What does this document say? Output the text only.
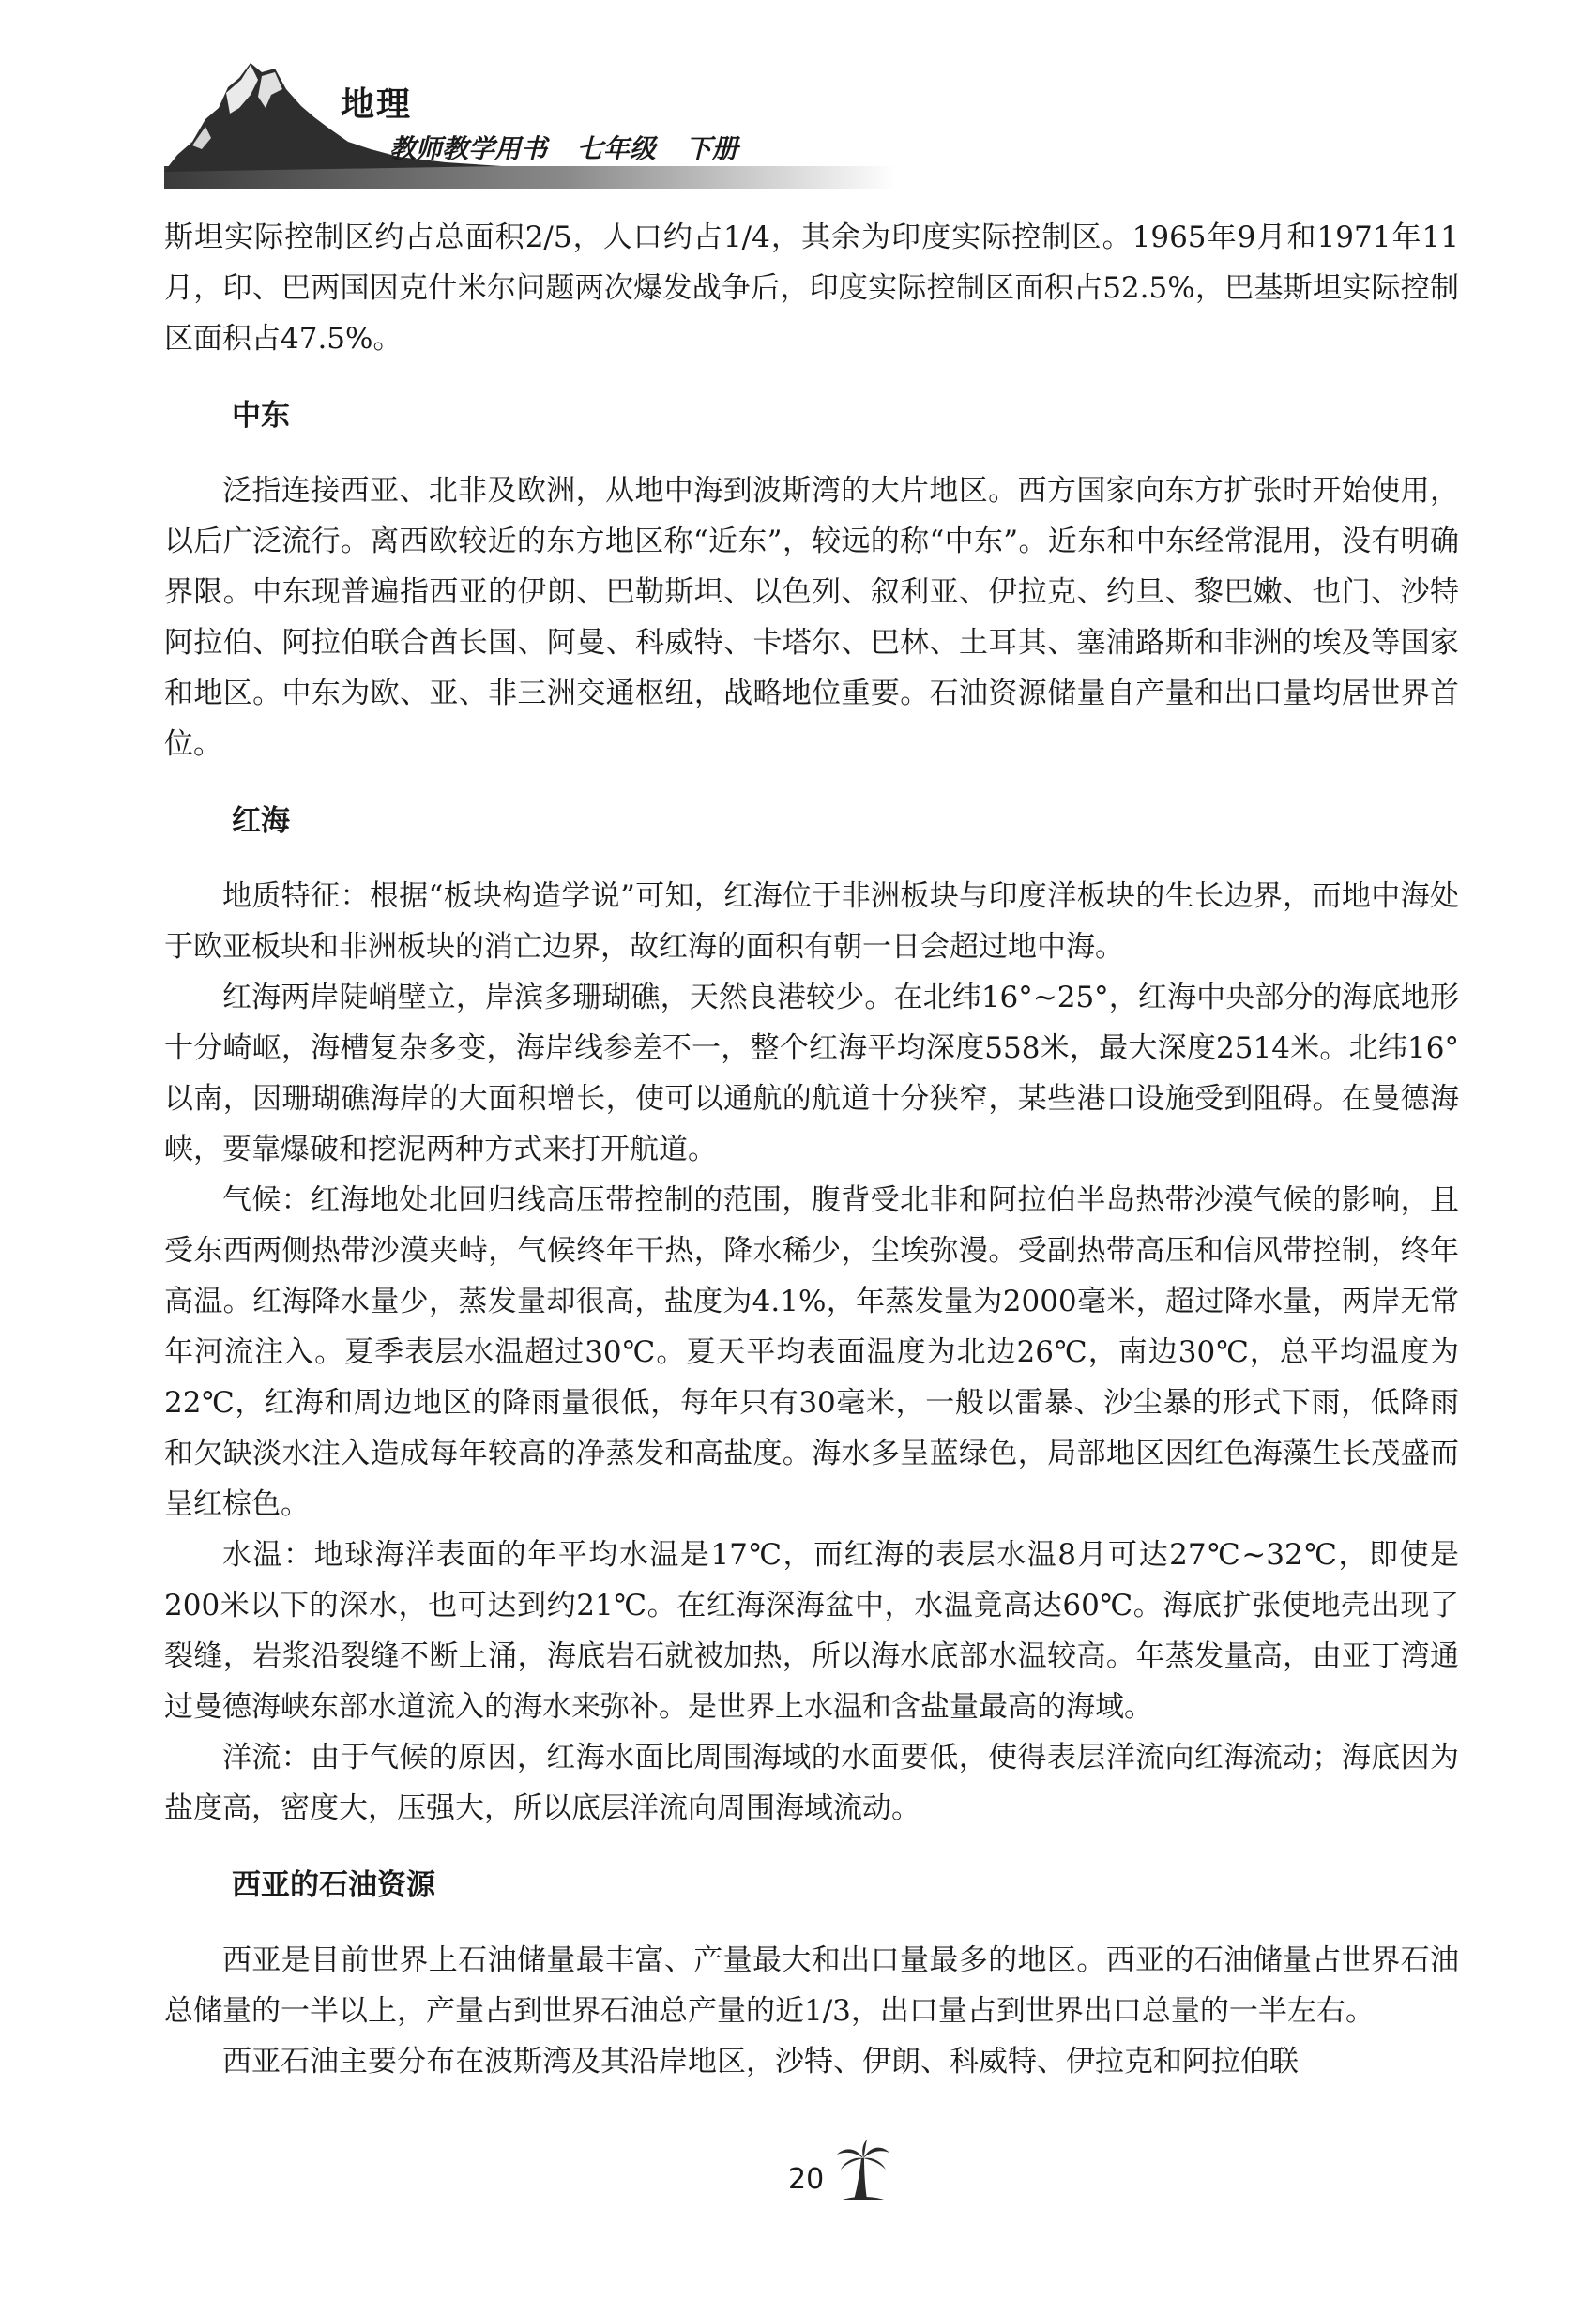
地理
教师教学用书 七年级 下册

斯坦实际控制区约占总面积2/5，人口约占1/4，其余为印度实际控制区。1965年9月和1971年11月，印、巴两国因克什米尔问题两次爆发战争后，印度实际控制区面积占52.5%，巴基斯坦实际控制区面积占47.5%。

中东

泛指连接西亚、北非及欧洲，从地中海到波斯湾的大片地区。西方国家向东方扩张时开始使用，以后广泛流行。离西欧较近的东方地区称“近东”，较远的称“中东”。近东和中东经常混用，没有明确界限。中东现普遍指西亚的伊朗、巴勒斯坦、以色列、叙利亚、伊拉克、约旦、黎巴嫩、也门、沙特阿拉伯、阿拉伯联合酋长国、阿曼、科威特、卡塔尔、巴林、土耳其、塞浦路斯和非洲的埃及等国家和地区。中东为欧、亚、非三洲交通枢纽，战略地位重要。石油资源储量自产量和出口量均居世界首位。

红海

地质特征：根据“板块构造学说”可知，红海位于非洲板块与印度洋板块的生长边界，而地中海处于欧亚板块和非洲板块的消亡边界，故红海的面积有朝一日会超过地中海。

红海两岸陡峭壁立，岸滨多珊瑚礁，天然良港较少。在北纬16°~25°，红海中央部分的海底地形十分崎岖，海槽复杂多变，海岸线参差不一，整个红海平均深度558米，最大深度2514米。北纬16°以南，因珊瑚礁海岸的大面积增长，使可以通航的航道十分狭窄，某些港口设施受到阻碍。在曼德海峡，要靠爆破和挖泥两种方式来打开航道。

气候：红海地处北回归线高压带控制的范围，腹背受北非和阿拉伯半岛热带沙漠气候的影响，且受东西两侧热带沙漠夹峙，气候终年干热，降水稀少，尘埃弥漫。受副热带高压和信风带控制，终年高温。红海降水量少，蒸发量却很高，盐度为4.1%，年蒸发量为2000毫米，超过降水量，两岸无常年河流注入。夏季表层水温超过30℃。夏天平均表面温度为北边26℃，南边30℃，总平均温度为22℃，红海和周边地区的降雨量很低，每年只有30毫米，一般以雷暴、沙尘暴的形式下雨，低降雨和欠缺淡水注入造成每年较高的净蒸发和高盐度。海水多呈蓝绿色，局部地区因红色海藻生长茂盛而呈红棕色。

水温：地球海洋表面的年平均水温是17℃，而红海的表层水温8月可达27℃~32℃，即使是200米以下的深水，也可达到约21℃。在红海深海盆中，水温竟高达60℃。海底扩张使地壳出现了裂缝，岩浆沿裂缝不断上涌，海底岩石就被加热，所以海水底部水温较高。年蒸发量高，由亚丁湾通过曼德海峡东部水道流入的海水来弥补。是世界上水温和含盐量最高的海域。

洋流：由于气候的原因，红海水面比周围海域的水面要低，使得表层洋流向红海流动；海底因为盐度高，密度大，压强大，所以底层洋流向周围海域流动。

西亚的石油资源

西亚是目前世界上石油储量最丰富、产量最大和出口量最多的地区。西亚的石油储量占世界石油总储量的一半以上，产量占到世界石油总产量的近1/3，出口量占到世界出口总量的一半左右。

西亚石油主要分布在波斯湾及其沿岸地区，沙特、伊朗、科威特、伊拉克和阿拉伯联

20
